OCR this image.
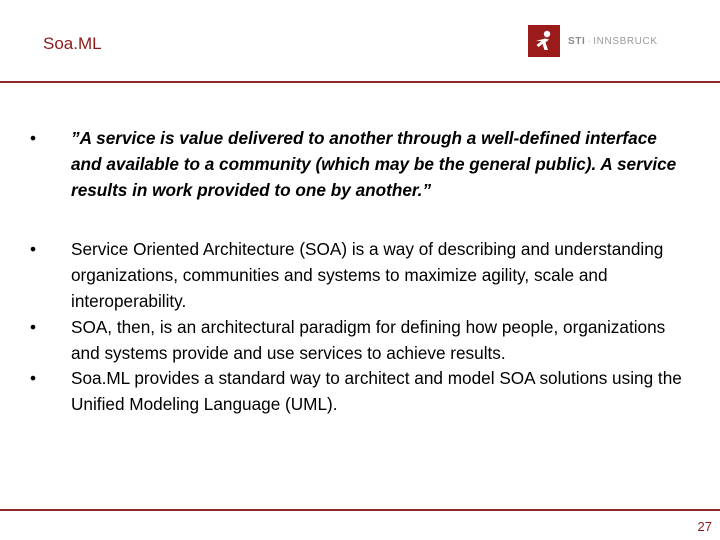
Soa.ML	STI · INNSBRUCK
•	”A service is value delivered to another through a well-defined interface and available to a community (which may be the general public). A service results in work provided to one by another.”
•	Service Oriented Architecture (SOA) is a way of describing and understanding organizations, communities and systems to maximize agility, scale and interoperability.
•	SOA, then, is an architectural paradigm for defining how people, organizations and systems provide and use services to achieve results.
•	Soa.ML provides a standard way to architect and model SOA solutions using the Unified Modeling Language (UML).
27
